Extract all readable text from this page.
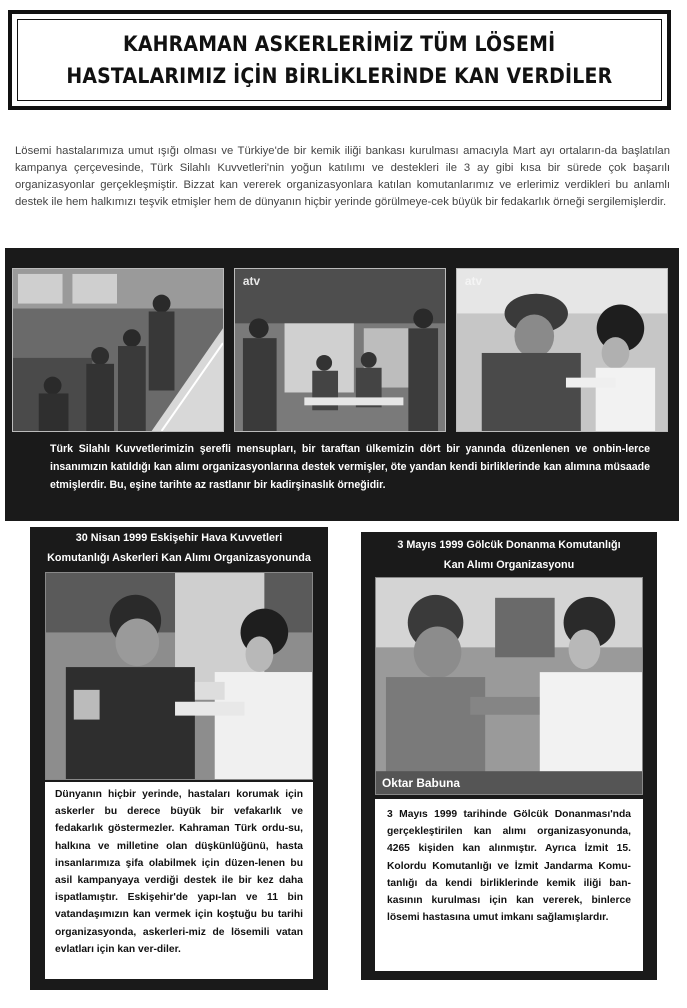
KAHRAMAN ASKERLERİMİZ TÜM LÖSEMİ
HASTALARIMIZ İÇİN BİRLİKLERİNDE KAN VERDİLER
Lösemi hastalarımıza umut ışığı olması ve Türkiye'de bir kemik iliği bankası kurulması amacıyla Mart ayı ortaların-da başlatılan kampanya çerçevesinde, Türk Silahlı Kuvvetleri'nin yoğun katılımı ve destekleri ile 3 ay gibi kısa bir sürede çok başarılı organizasyonlar gerçekleşmiştir. Bizzat kan vererek organizasyonlara katılan komutanlarımız ve erlerimiz verdikleri bu anlamlı destek ile hem halkımızı teşvik etmişler hem de dünyanın hiçbir yerinde görülmeye-cek büyük bir fedakarlık örneği sergilemişlerdir.
atv	atv
Türk Silahlı Kuvvetlerimizin şerefli mensupları, bir taraftan ülkemizin dört bir yanında düzenlenen ve onbin-lerce insanımızın katıldığı kan alımı organizasyonlarına destek vermişler, öte yandan kendi birliklerinde kan alımına müsaade etmişlerdir. Bu, eşine tarihte az rastlanır bir kadirşinaslık örneğidir.
30 Nisan 1999 Eskişehir Hava Kuvvetleri
Komutanlığı Askerleri Kan Alımı Organizasyonunda
Dünyanın hiçbir yerinde, hastaları korumak için askerler bu derece büyük bir vefakarlık ve fedakarlık göstermezler. Kahraman Türk ordu-su, halkına ve milletine olan düşkünlüğünü, hasta insanlarımıza şifa olabilmek için düzen-lenen bu asil kampanyaya verdiği destek ile bir kez daha ispatlamıştır. Eskişehir'de yapı-lan ve 11 bin vatandaşımızın kan vermek için koştuğu bu tarihi organizasyonda, askerleri-miz de lösemili vatan evlatları için kan ver-diler.
3 Mayıs 1999 Gölcük Donanma Komutanlığı
Kan Alımı Organizasyonu
Oktar Babuna
3 Mayıs 1999 tarihinde Gölcük Donanması'nda gerçekleştirilen kan alımı organizasyonunda, 4265 kişiden kan alınmıştır. Ayrıca İzmit 15. Kolordu Komutanlığı ve İzmit Jandarma Komu-tanlığı da kendi birliklerinde kemik iliği ban-kasının kurulması için kan vererek, binlerce lösemi hastasına umut imkanı sağlamışlardır.
